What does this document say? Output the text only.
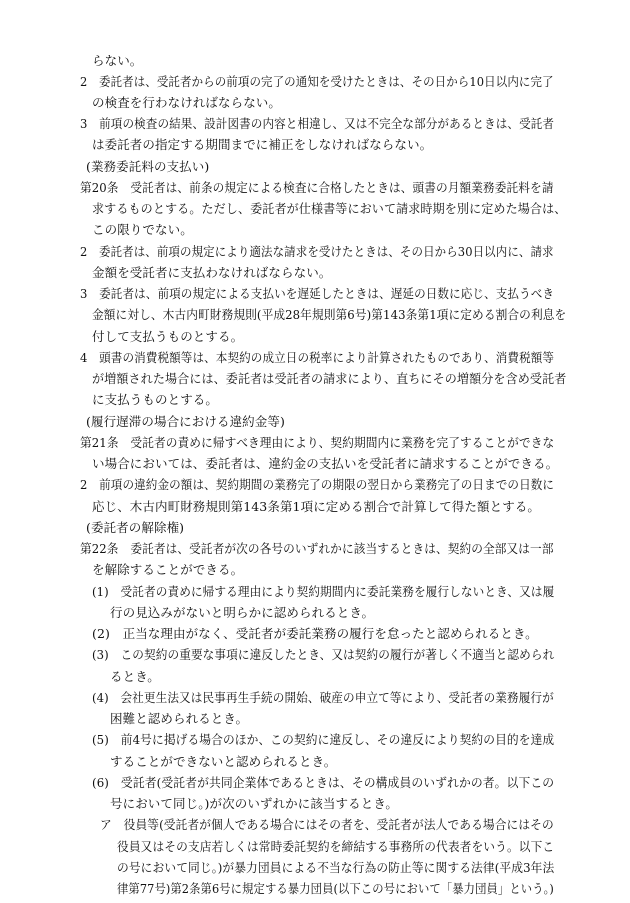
らない。

2　 委託者は、受託者からの前項の完了の通知を受けたときは、その日から10日以内に完了

の検査を行わなければならない。

3　 前項の検査の結果、設計図書の内容と相違し、又は不完全な部分があるときは、受託者

は委託者の指定する期間までに補正をしなければならない。

(業務委託料の支払い)

第20条　 受託者は、前条の規定による検査に合格したときは、頭書の月額業務委託料を請

求するものとする。ただし、委託者が仕様書等において請求時期を別に定めた場合は、

この限りでない。

2　 委託者は、前項の規定により適法な請求を受けたときは、その日から30日以内に、請求

金額を受託者に支払わなければならない。

3　 委託者は、前項の規定による支払いを遅延したときは、遅延の日数に応じ、支払うべき

金額に対し、木古内町財務規則(平成28年規則第6号)第143条第1項に定める割合の利息を

付して支払うものとする。

4　 頭書の消費税額等は、本契約の成立日の税率により計算されたものであり、消費税額等

が増額された場合には、委託者は受託者の請求により、直ちにその増額分を含め受託者

に支払うものとする。

(履行遅滞の場合における違約金等)

第21条　 受託者の責めに帰すべき理由により、契約期間内に業務を完了することができな

い場合においては、委託者は、違約金の支払いを受託者に請求することができる。

2　 前項の違約金の額は、契約期間の業務完了の期限の翌日から業務完了の日までの日数に

応じ、木古内町財務規則第143条第1項に定める割合で計算して得た額とする。

(委託者の解除権)

第22条　 委託者は、受託者が次の各号のいずれかに該当するときは、契約の全部又は一部

を解除することができる。

(1)　 受託者の責めに帰する理由により契約期間内に委託業務を履行しないとき、又は履

行の見込みがないと明らかに認められるとき。

(2)　 正当な理由がなく、受託者が委託業務の履行を怠ったと認められるとき。

(3)　 この契約の重要な事項に違反したとき、又は契約の履行が著しく不適当と認められ

るとき。

(4)　 会社更生法又は民事再生手続の開始、破産の申立て等により、受託者の業務履行が

困難と認められるとき。

(5)　 前4号に掲げる場合のほか、この契約に違反し、その違反により契約の目的を達成

することができないと認められるとき。

(6)　 受託者(受託者が共同企業体であるときは、その構成員のいずれかの者。以下この

号において同じ。)が次のいずれかに該当するとき。

ア　 役員等(受託者が個人である場合にはその者を、受託者が法人である場合にはその

役員又はその支店若しくは常時委託契約を締結する事務所の代表者をいう。以下こ

の号において同じ。)が暴力団員による不当な行為の防止等に関する法律(平成3年法

律第77号)第2条第6号に規定する暴力団員(以下この号において「暴力団員」という。)
